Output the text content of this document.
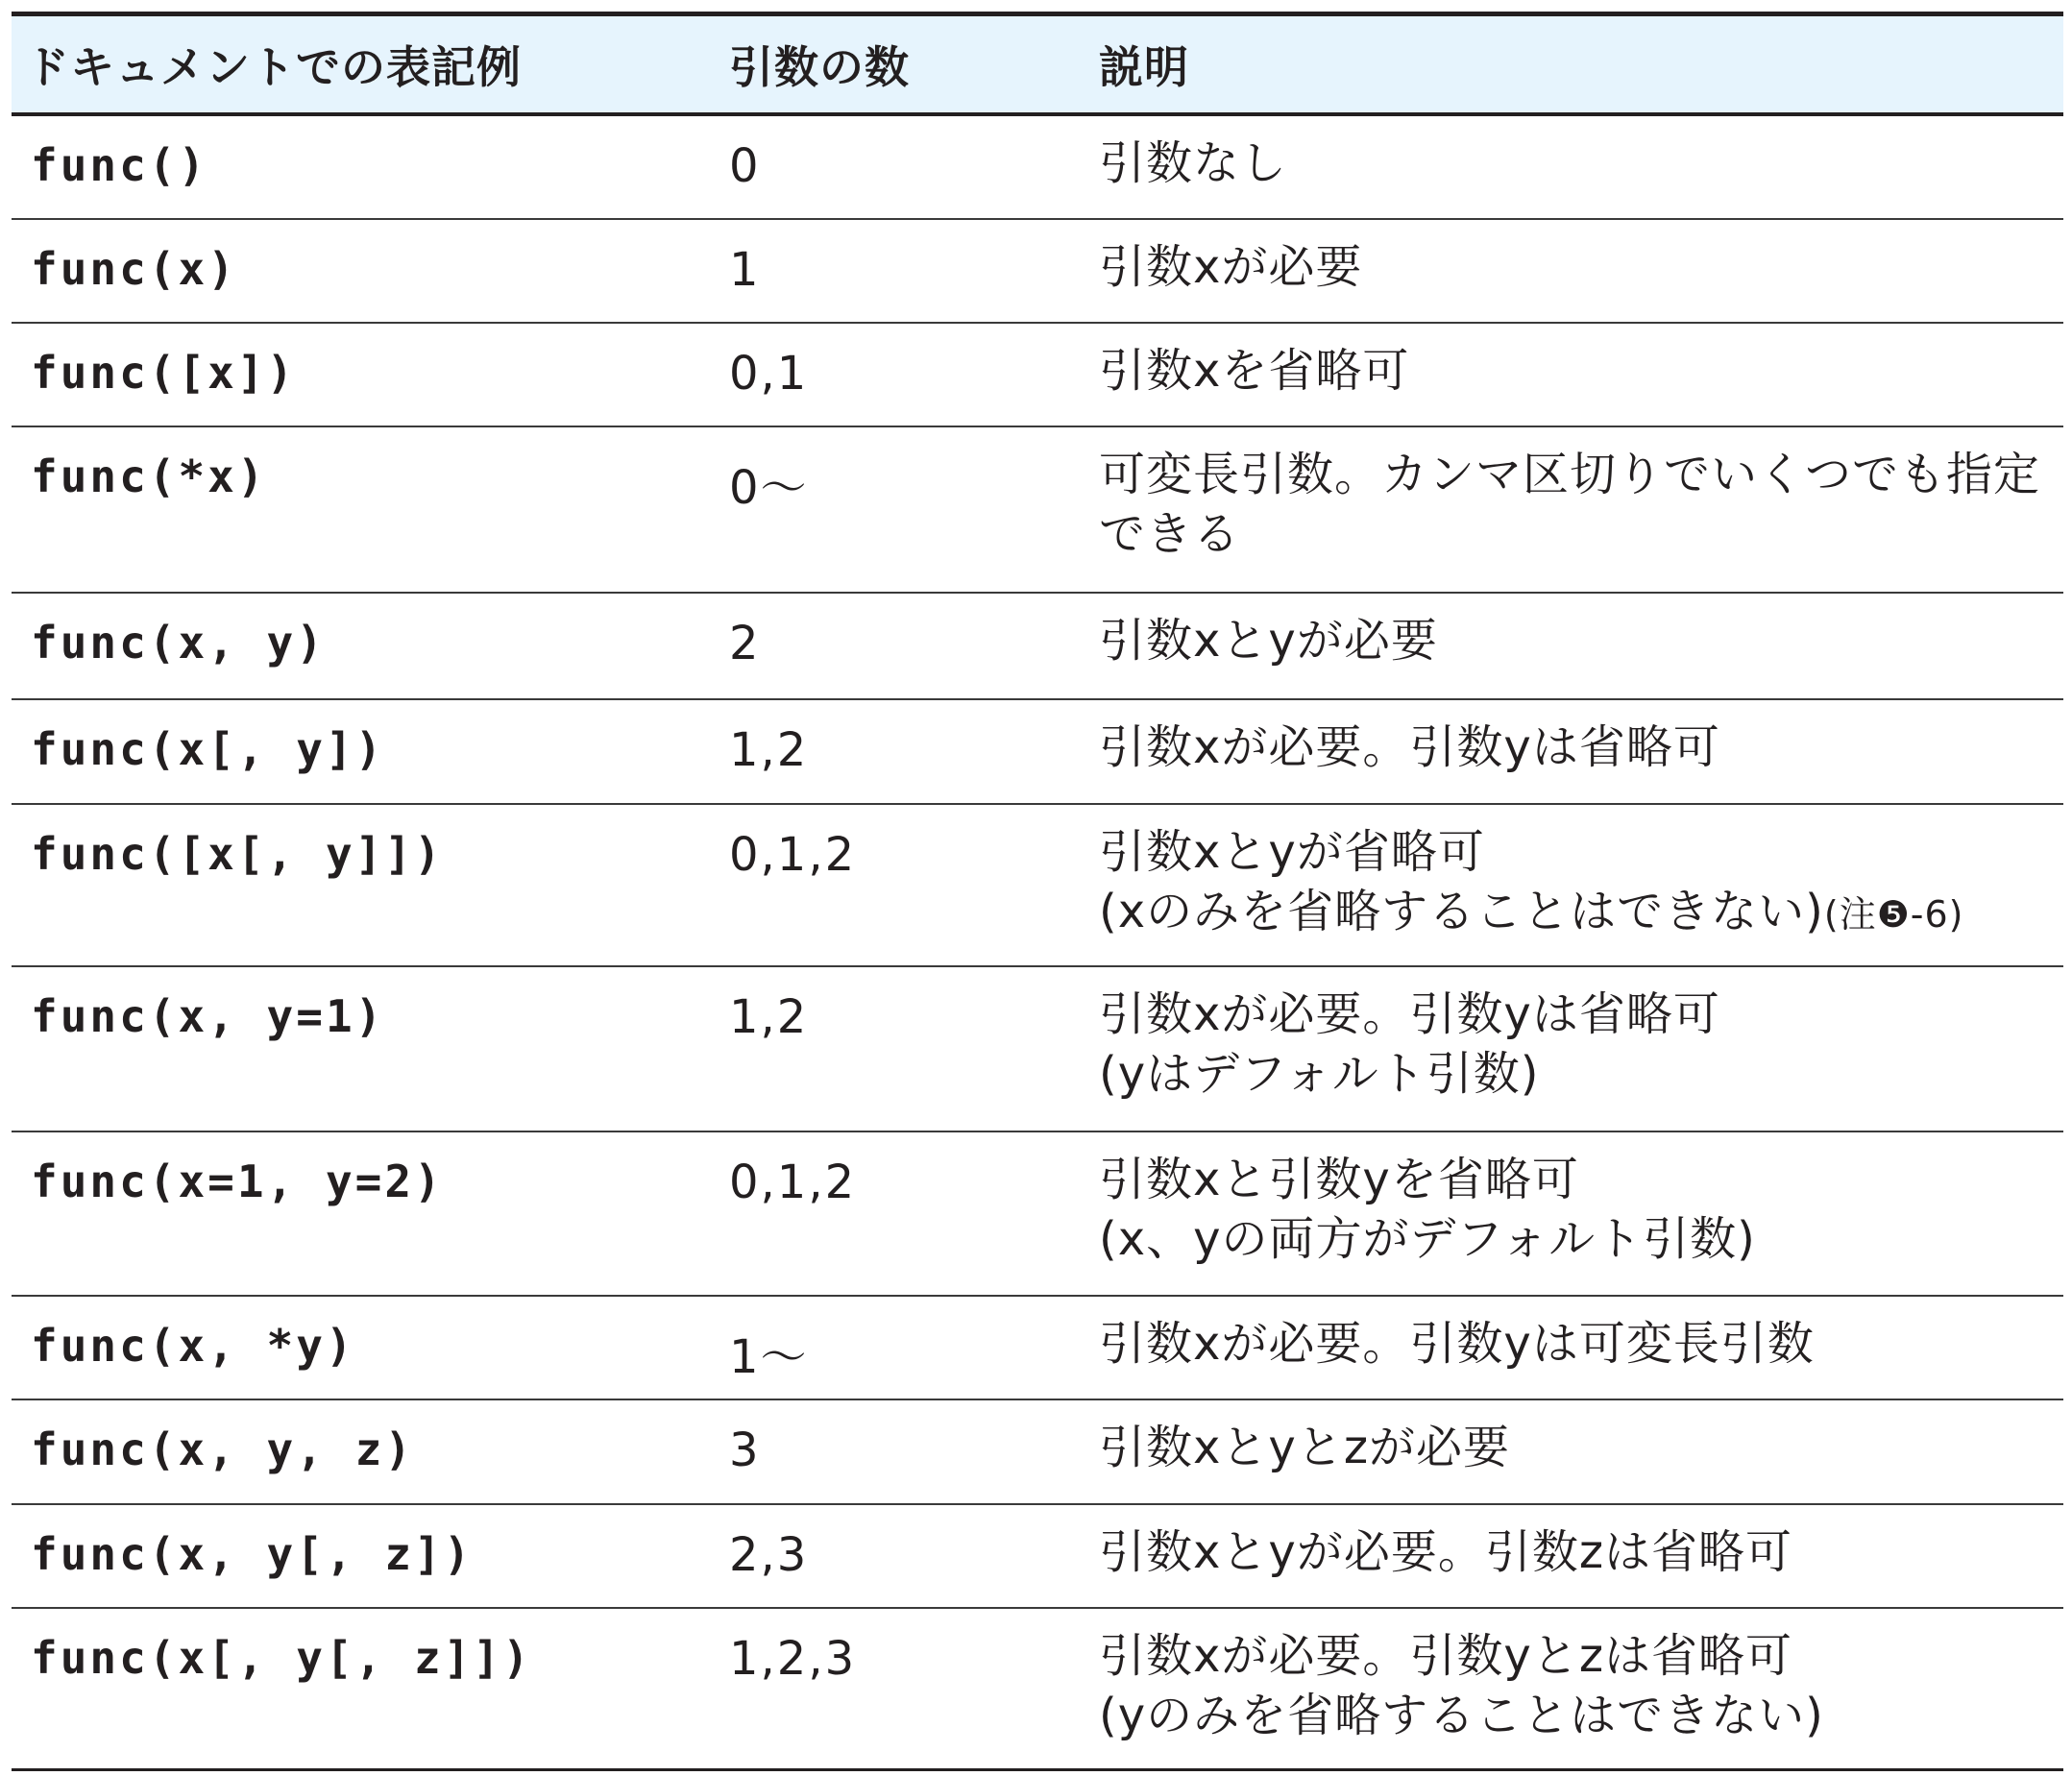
ドキュメントでの表記例	引数の数	説明
func()	0	引数なし
func(x)	1	引数xが必要
func([x])	0,1	引数xを省略可
func(*x)	0〜	可変長引数。カンマ区切りでいくつでも指定
できる
func(x, y)	2	引数xとyが必要
func(x[, y])	1,2	引数xが必要。引数yは省略可
func([x[, y]])	0,1,2	引数xとyが省略可
(xのみを省略することはできない)(注❺-6)
func(x, y=1)	1,2	引数xが必要。引数yは省略可
(yはデフォルト引数)
func(x=1, y=2)	0,1,2	引数xと引数yを省略可
(x、yの両方がデフォルト引数)
func(x, *y)	1〜	引数xが必要。引数yは可変長引数
func(x, y, z)	3	引数xとyとzが必要
func(x, y[, z])	2,3	引数xとyが必要。引数zは省略可
func(x[, y[, z]])	1,2,3	引数xが必要。引数yとzは省略可
(yのみを省略することはできない)
